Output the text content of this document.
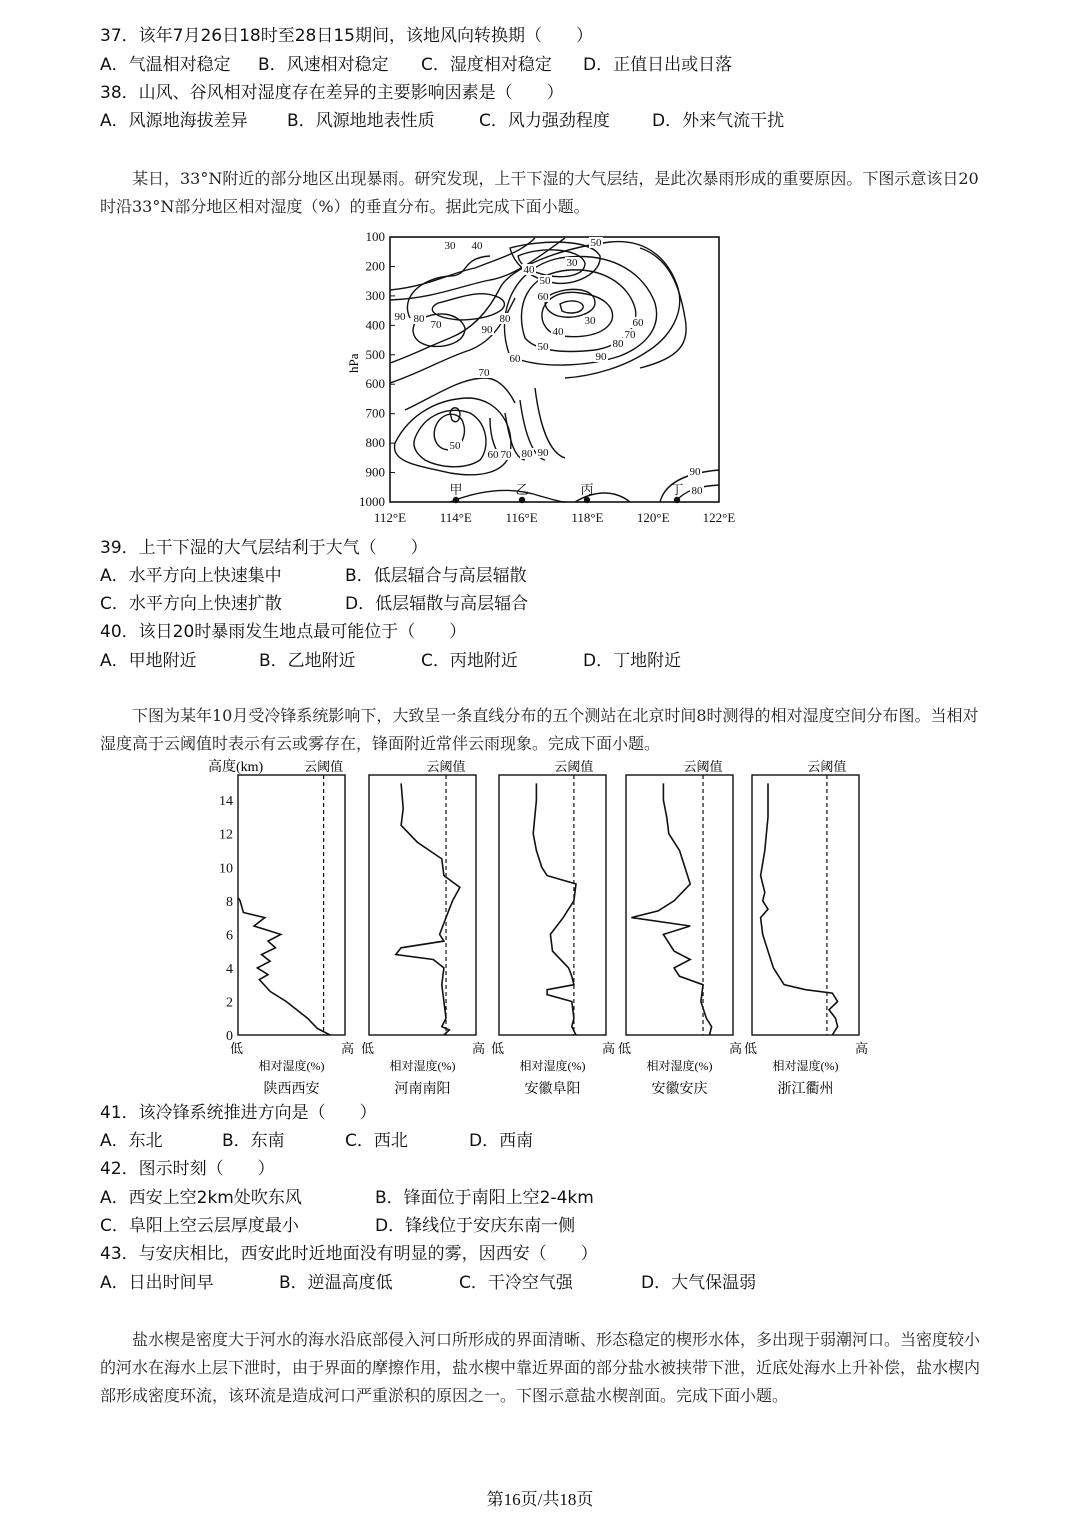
37．该年7月26日18时至28日15期间，该地风向转换期（　　）
A．气温相对稳定 B．风速相对稳定 C．湿度相对稳定 D．正值日出或日落
38．山风、谷风相对湿度存在差异的主要影响因素是（　　）
A．风源地海拔差异 B．风源地地表性质	C．风力强劲程度 D．外来气流干扰
某日，33°N附近的部分地区出现暴雨。研究发现，上干下湿的大气层结，是此次暴雨形成的重要原因。下图示意该日20时沿33°N部分地区相对湿度（%）的垂直分布。据此完成下面小题。
30 40	50
40
30
50
60
90 80 70	90
80
40
30	60
70
50
60
80
90
70
50
60 70 80 90
90
80
100
200
300
400
500
600
700
800
900
1000
112°E	114°E	116°E	118°E	120°E	122°E
hPa
甲	乙	丙	丁
39．上干下湿的大气层结利于大气（　　）
A．水平方向上快速集中	B．低层辐合与高层辐散
C．水平方向上快速扩散	D．低层辐散与高层辐合
40．该日20时暴雨发生地点最可能位于（　　）
A．甲地附近	B．乙地附近	C．丙地附近	D．丁地附近
下图为某年10月受冷锋系统影响下，大致呈一条直线分布的五个测站在北京时间8时测得的相对湿度空间分布图。当相对湿度高于云阈值时表示有云或雾存在，锋面附近常伴云雨现象。完成下面小题。
高度(km)
0
2
4
6
8
10
12
14
云阈值
低	高
相对湿度(%)
陕西西安
云阈值
低	高
相对湿度(%)
河南南阳
云阈值
低	高
相对湿度(%)
安徽阜阳
云阈值
低	高
相对湿度(%)
安徽安庆
云阈值
低	高
相对湿度(%)
浙江衢州
41．该冷锋系统推进方向是（　　）
A．东北	B．东南	C．西北	D．西南
42．图示时刻（　　）
A．西安上空2km处吹东风	B．锋面位于南阳上空2-4km
C．阜阳上空云层厚度最小	D．锋线位于安庆东南一侧
43．与安庆相比，西安此时近地面没有明显的雾，因西安（　　）
A．日出时间早	B．逆温高度低	C．干冷空气强	D．大气保温弱
盐水楔是密度大于河水的海水沿底部侵入河口所形成的界面清晰、形态稳定的楔形水体，多出现于弱潮河口。当密度较小的河水在海水上层下泄时，由于界面的摩擦作用，盐水楔中靠近界面的部分盐水被挟带下泄，近底处海水上升补偿，盐水楔内部形成密度环流，该环流是造成河口严重淤积的原因之一。下图示意盐水楔剖面。完成下面小题。
第16页/共18页
